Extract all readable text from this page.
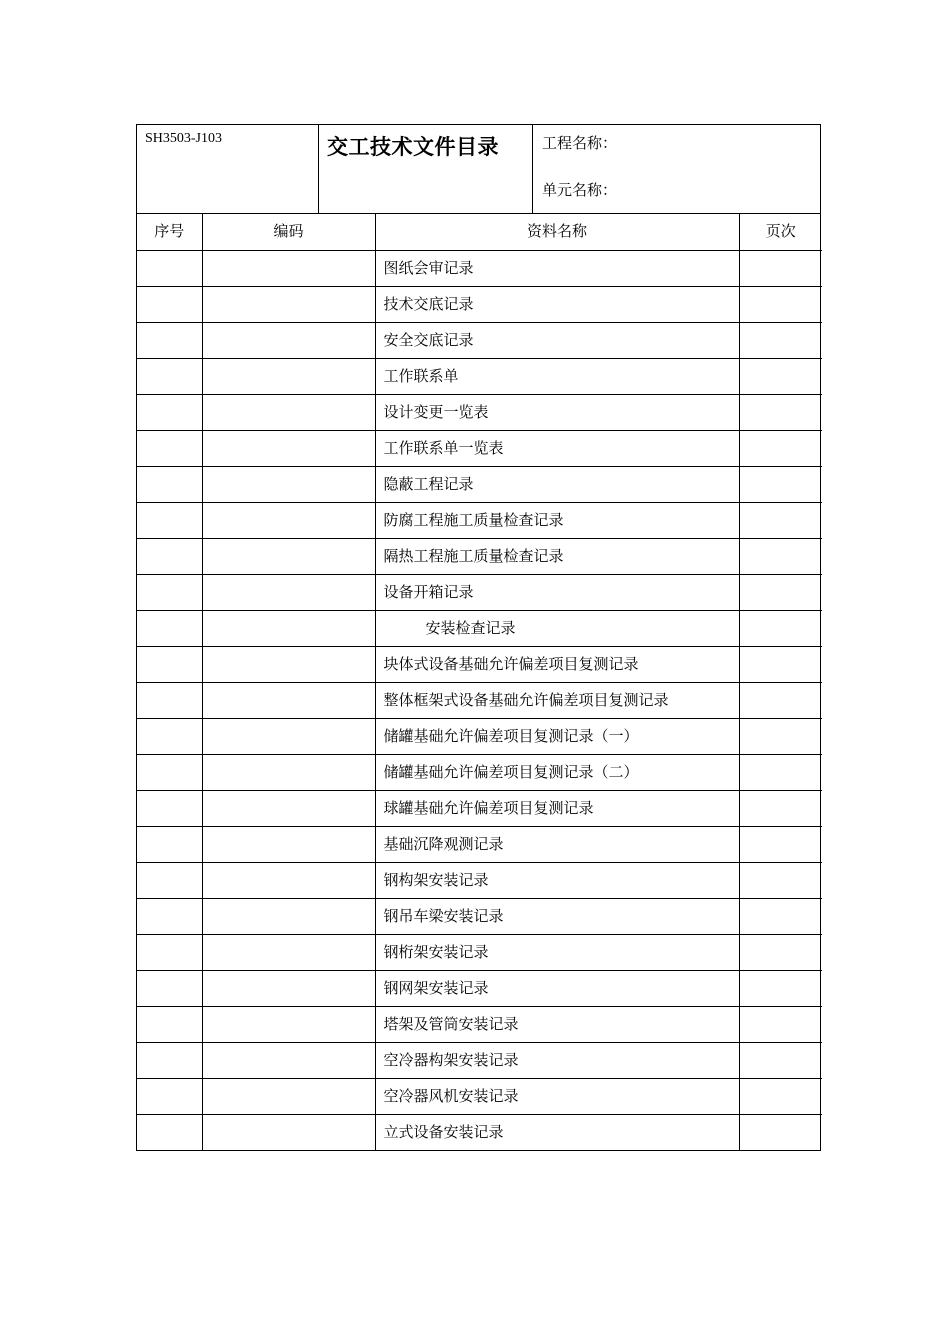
SH3503-J103	交工技术文件目录	工程名称：
单元名称：
序号	编码	资料名称	页次
		图纸会审记录	
		技术交底记录	
		安全交底记录	
		工作联系单	
		设计变更一览表	
		工作联系单一览表	
		隐蔽工程记录	
		防腐工程施工质量检查记录	
		隔热工程施工质量检查记录	
		设备开箱记录	
		安装检查记录	
		块体式设备基础允许偏差项目复测记录	
		整体框架式设备基础允许偏差项目复测记录	
		储罐基础允许偏差项目复测记录（一）	
		储罐基础允许偏差项目复测记录（二）	
		球罐基础允许偏差项目复测记录	
		基础沉降观测记录	
		钢构架安装记录	
		钢吊车梁安装记录	
		钢桁架安装记录	
		钢网架安装记录	
		塔架及管筒安装记录	
		空冷器构架安装记录	
		空冷器风机安装记录	
		立式设备安装记录	
